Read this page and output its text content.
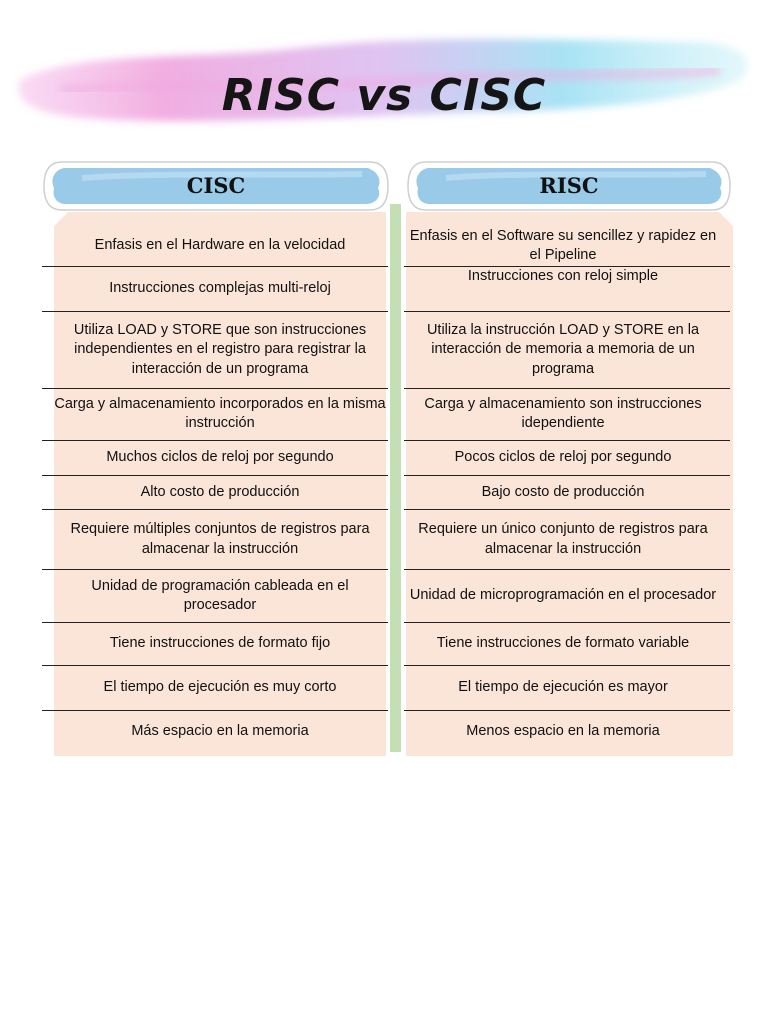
RISC vs CISC
CISC	RISC
Enfasis en el Hardware en la velocidad
Instrucciones complejas multi-reloj
Utiliza LOAD y STORE que son instrucciones independientes en el registro para registrar la interacción de un programa
Carga y almacenamiento incorporados en la misma instrucción
Muchos ciclos de reloj por segundo
Alto costo de producción
Requiere múltiples conjuntos de registros para almacenar la instrucción
Unidad de programación cableada en el procesador
Tiene instrucciones de formato fijo
El tiempo de ejecución es muy corto
Más espacio en la memoria
Enfasis en el Software su sencillez y rapidez en el Pipeline
Instrucciones con reloj simple
Utiliza la instrucción LOAD y STORE en la interacción de memoria a memoria de un programa
Carga y almacenamiento son instrucciones idependiente
Pocos ciclos de reloj por segundo
Bajo costo de producción
Requiere un único conjunto de registros para almacenar la instrucción
Unidad de microprogramación en el procesador
Tiene instrucciones de formato variable
El tiempo de ejecución es mayor
Menos espacio en la memoria
